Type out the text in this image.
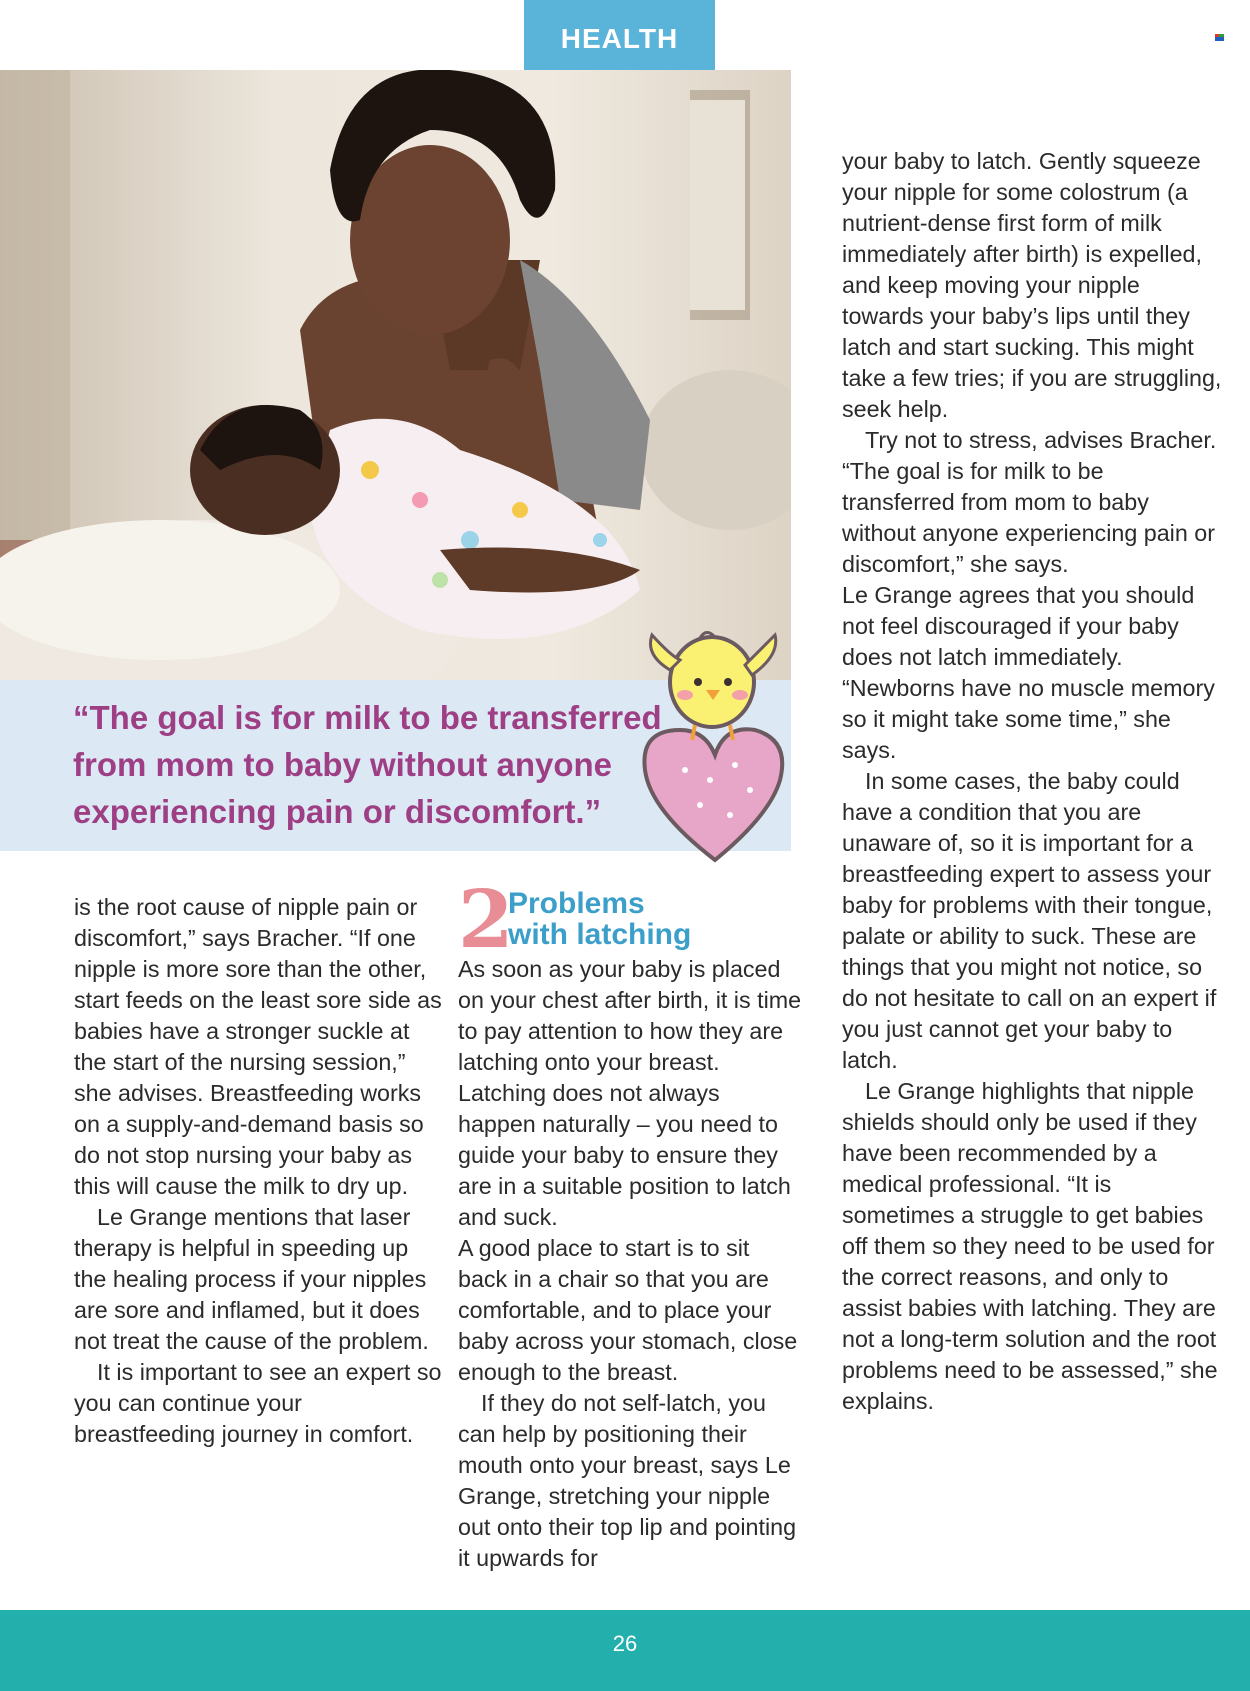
HEALTH

“The goal is for milk to be transferred from mom to baby without anyone experiencing pain or discomfort.”

is the root cause of nipple pain or discomfort,” says Bracher. “If one nipple is more sore than the other, start feeds on the least sore side as babies have a stronger suckle at the start of the nursing session,” she advises. Breastfeeding works on a supply-and-demand basis so do not stop nursing your baby as this will cause the milk to dry up.

Le Grange mentions that laser therapy is helpful in speeding up the healing process if your nipples are sore and inflamed, but it does not treat the cause of the problem.

It is important to see an expert so you can continue your breastfeeding journey in comfort.

2
Problems
with latching

As soon as your baby is placed on your chest after birth, it is time to pay attention to how they are latching onto your breast. Latching does not always happen naturally – you need to guide your baby to ensure they are in a suitable position to latch and suck.

A good place to start is to sit back in a chair so that you are comfortable, and to place your baby across your stomach, close enough to the breast.

If they do not self-latch, you can help by positioning their mouth onto your breast, says Le Grange, stretching your nipple out onto their top lip and pointing it upwards for

your baby to latch. Gently squeeze your nipple for some colostrum (a nutrient-dense first form of milk immediately after birth) is expelled, and keep moving your nipple towards your baby’s lips until they latch and start sucking. This might take a few tries; if you are struggling, seek help.

Try not to stress, advises Bracher. “The goal is for milk to be transferred from mom to baby without anyone experiencing pain or discomfort,” she says.

Le Grange agrees that you should not feel discouraged if your baby does not latch immediately. “Newborns have no muscle memory so it might take some time,” she says.

In some cases, the baby could have a condition that you are unaware of, so it is important for a breastfeeding expert to assess your baby for problems with their tongue, palate or ability to suck. These are things that you might not notice, so do not hesitate to call on an expert if you just cannot get your baby to latch.

Le Grange highlights that nipple shields should only be used if they have been recommended by a medical professional. “It is sometimes a struggle to get babies off them so they need to be used for the correct reasons, and only to assist babies with latching. They are not a long-term solution and the root problems need to be assessed,” she explains.

26
